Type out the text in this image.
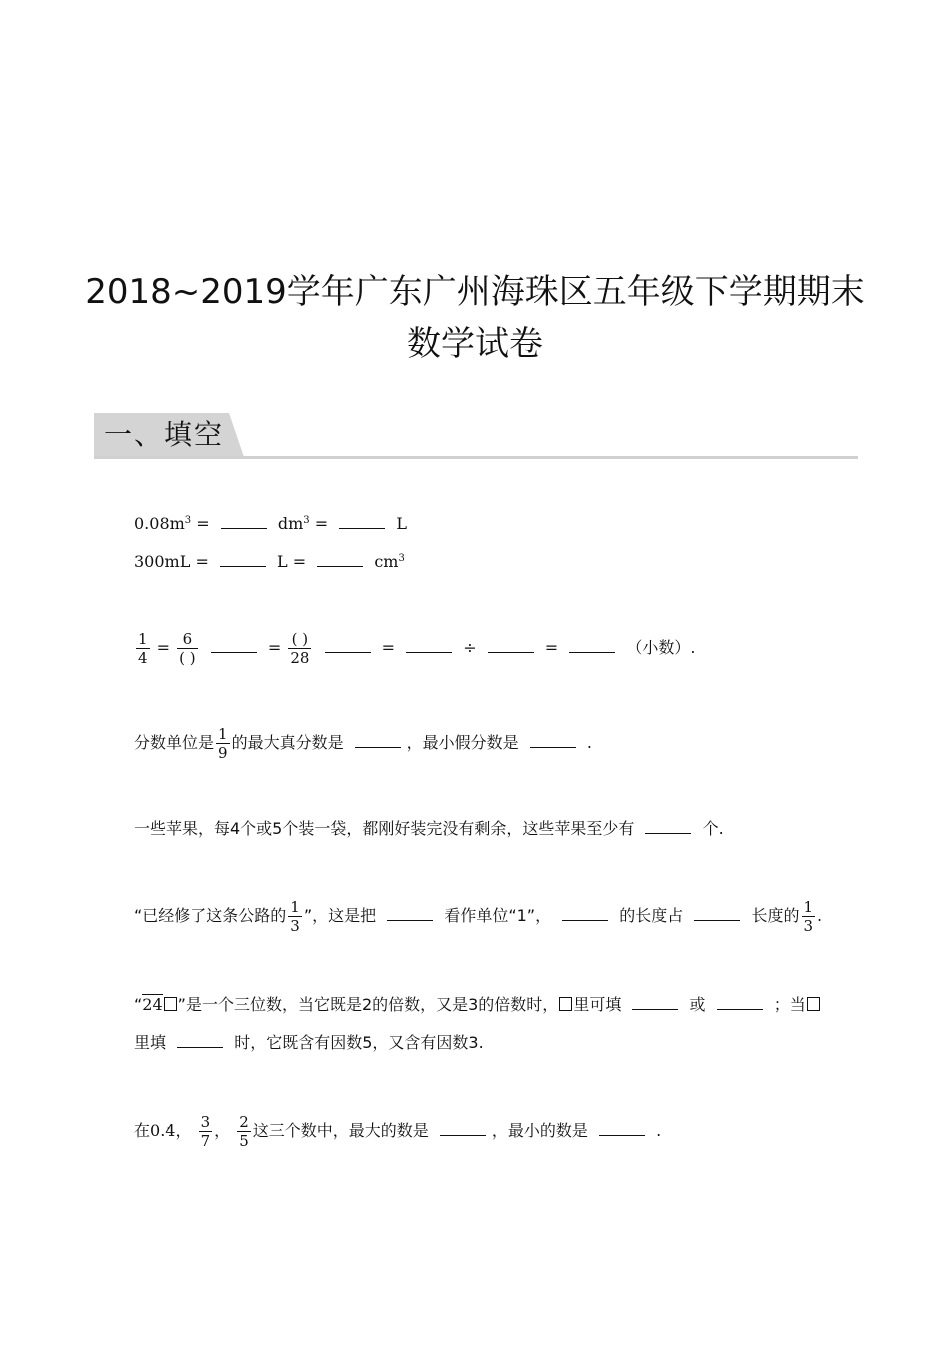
2018~2019学年广东广州海珠区五年级下学期期末
数学试卷
一、填空
$0.08m^3$ =	$dm^3$ =	L
300mL =	L =	$cm^3$
$\frac{1}{4} = \frac{6}{( )}$	= $\frac{( )}{28}$	=	÷	=	（小数）.
分数单位是 $\frac{1}{9}$ 的最大真分数是	，最小假分数是	.
一些苹果，每4个或5个装一袋，都刚好装完没有剩余，这些苹果至少有	个.
“已经修了这条公路的 $\frac{1}{3}$ ”，这是把	看作单位“1”，	的长度占	长度的 $\frac{1}{3}$ .
“24 ”是一个三位数，当它既是2的倍数，又是3的倍数时， 里可填	或	；当
里填	时，它既含有因数5，又含有因数3.
在0.4 ·， $\frac{3}{7}$ ， $\frac{2}{5}$ 这三个数中，最大的数是	，最小的数是	.
